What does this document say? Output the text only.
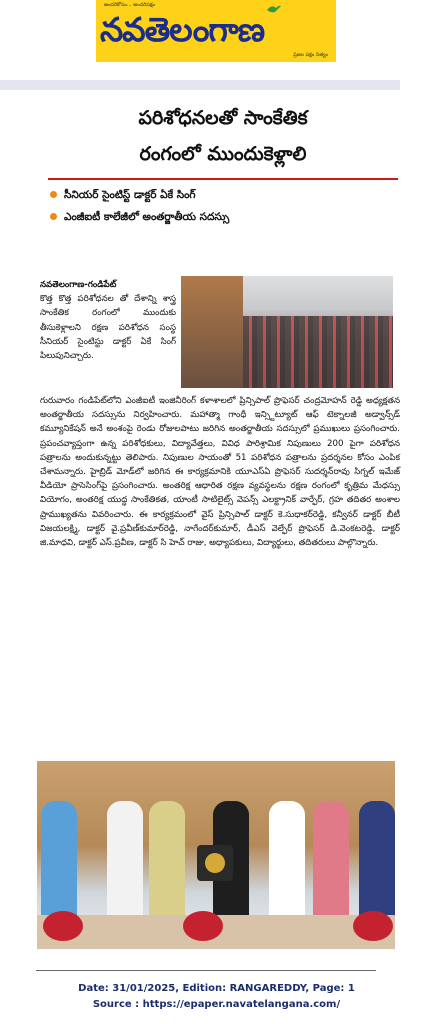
అందరికోసం... అందరిపక్షం
నవతెలంగాణ
ప్రజల పక్షం నిత్యం
పరిశోధనలతో సాంకేతిక
రంగంలో ముందుకెళ్లాలి
సీనియర్ సైంటిస్ట్ డాక్టర్ ఏకే సింగ్
ఎంజీఐటీ కాలేజీలో అంతర్జాతీయ సదస్సు
నవతెలంగాణ-గండిపేట్
కొత్త కొత్త పరిశోధనల తో దేశాన్ని శాస్త్ర సాంకేతిక రంగంలో ముందుకు తీసుకెళ్లాలని రక్షణ పరిశోధన సంస్థ సీనియర్ సైంటిస్టు డాక్టర్ ఏకే సింగ్ పిలుపునిచ్చారు.
గురువారం గండిపేట్‌లోని ఎంజీఐటీ ఇంజినీరింగ్ కళాశాలలో ప్రిన్సిపాల్ ప్రొఫెసర్ చంద్రమోహన్ రెడ్డి అధ్యక్షతన అంతర్జాతీయ సదస్సును నిర్వహించారు. మహాత్మా గాంధీ ఇన్స్టిట్యూట్ ఆఫ్ టెక్నాలజీ అడ్వాన్స్‌డ్ కమ్యూనికేషన్ అనే అంశంపై రెండు రోజులపాటు జరిగిన అంతర్జాతీయ సదస్సులో ప్రముఖులు ప్రసంగించారు. ప్రపంచవ్యాప్తంగా ఉన్న పరిశోధకులు, విద్యావేత్తలు, వివిధ పారిశ్రామిక నిపుణులు 200 పైగా పరిశోధన పత్రాలను అందుకున్నట్టు తెలిపారు. నిపుణుల సాయంతో 51 పరిశోధన పత్రాలను ప్రదర్శనల కోసం ఎంపిక చేశామన్నారు. హైబ్రిడ్ మోడ్‌లో జరిగిన ఈ కార్యక్రమానికి యూఎస్ఏ ప్రొఫెసర్ సుదర్శన్‌రావు సిగ్నల్ ఇమేజ్ వీడియో ప్రాసెసింగ్‌పై ప్రసంగించారు. అంతరిక్ష ఆధారిత రక్షణ వ్యవస్థలను రక్షణ రంగంలో కృత్రిమ మేధస్సు వియోగం, అంతరిక్ష యుద్ధ సాంకేతికత, యాంటీ సాటిలైట్స్ వెపన్స్ ఎలక్ట్రానిక్ వార్ఫేర్, గ్రహ తదితర అంశాల ప్రాముఖ్యతను వివరించారు. ఈ కార్యక్రమంలో వైస్ ప్రిన్సిపాల్ డాక్టర్ కె.సుధాకర్‌రెడ్డి, కన్వీనర్ డాక్టర్ బీటీ విజయలక్ష్మి, డాక్టర్ వై.ప్రవీణ్‌కుమార్‌రెడ్డి, నాగేందర్‌కుమార్, డీఎస్ వెల్ఫేర్ ప్రొఫెసర్ డి.వెంకటరెడ్డి, డాక్టర్ జి.మాధవి, డాక్టర్ ఎస్.ప్రవీణ, డాక్టర్ సి హెచ్ రాజు, అధ్యాపకులు, విద్యార్థులు, తదితరులు పాల్గొన్నారు.
Date: 31/01/2025, Edition: RANGAREDDY, Page: 1
Source : https://epaper.navatelangana.com/
